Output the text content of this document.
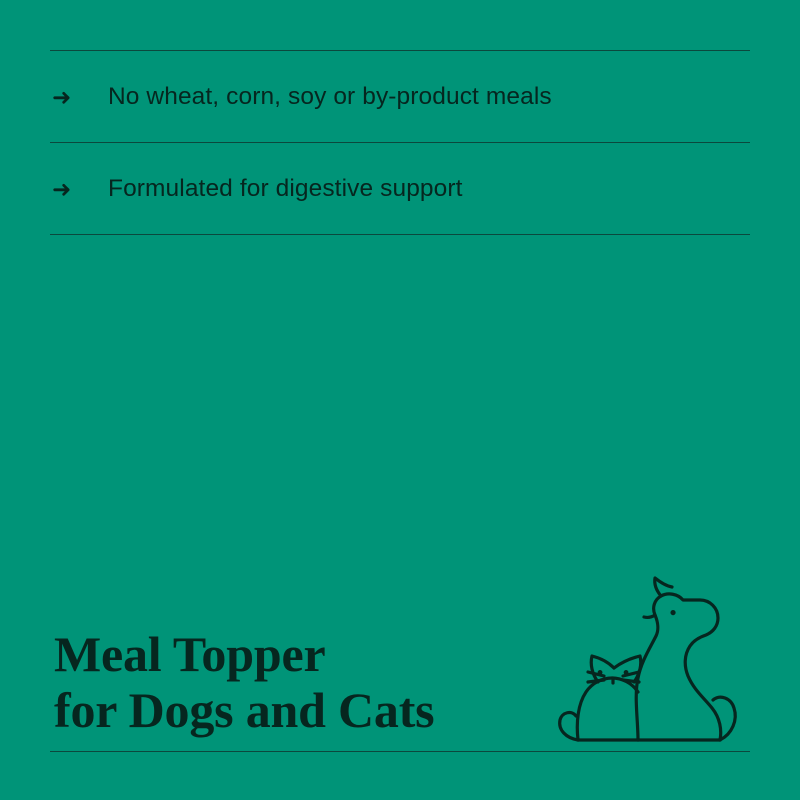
➜	No wheat, corn, soy or by-product meals
➜	Formulated for digestive support
Meal Topper
for Dogs and Cats
